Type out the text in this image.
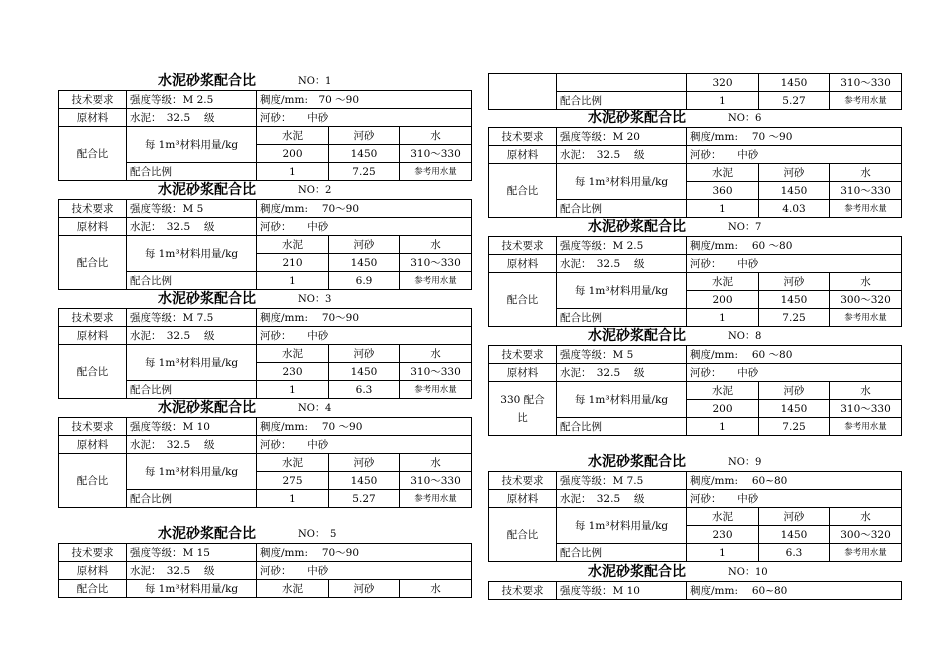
水泥砂浆配合比	NO：1
技术要求	强度等级：M 2.5	稠度/mm:　70 ～90		
原材料	水泥：　32.5　 级	河砂：　　中砂		
配合比	每 1m³材料用量/kg	水泥	河砂	水
		200	1450	310～330
	配合比例	1	7.25	参考用水量
水泥砂浆配合比	NO：2
技术要求	强度等级：M 5	稠度/mm:　 70～90		
原材料	水泥：　32.5　 级	河砂：　　中砂		
配合比	每 1m³材料用量/kg	水泥	河砂	水
		210	1450	310～330
	配合比例	1	6.9	参考用水量
水泥砂浆配合比	NO：3
技术要求	强度等级：M 7.5	稠度/mm:　 70～90		
原材料	水泥：　32.5　 级	河砂：　　中砂		
配合比	每 1m³材料用量/kg	水泥	河砂	水
		230	1450	310～330
	配合比例	1	6.3	参考用水量
水泥砂浆配合比	NO：4
技术要求	强度等级：M 10	稠度/mm:　 70 ～90		
原材料	水泥：　32.5　 级	河砂：　　中砂		
配合比	每 1m³材料用量/kg	水泥	河砂	水
		275	1450	310～330
	配合比例	1	5.27	参考用水量
水泥砂浆配合比	NO：　5
技术要求	强度等级：M 15	稠度/mm:　 70～90		
原材料	水泥：　32.5　 级	河砂：　　中砂		
配合比	每 1m³材料用量/kg	水泥	河砂	水
		320	1450	310～330
	配合比例	1	5.27	参考用水量
水泥砂浆配合比	NO：6
技术要求	强度等级：M 20	稠度/mm:　 70 ～90		
原材料	水泥：　32.5　 级	河砂：　　中砂		
配合比	每 1m³材料用量/kg	水泥	河砂	水
		360	1450	310～330
	配合比例	1	4.03	参考用水量
水泥砂浆配合比	NO：7
技术要求	强度等级：M 2.5	稠度/mm:　 60 ～80		
原材料	水泥：　32.5　 级	河砂：　　中砂		
配合比	每 1m³材料用量/kg	水泥	河砂	水
		200	1450	300～320
	配合比例	1	7.25	参考用水量
水泥砂浆配合比	NO：8
技术要求	强度等级：M 5	稠度/mm:　 60 ～80		
原材料	水泥：　32.5　 级	河砂：　　中砂		
330 配合比	每 1m³材料用量/kg	水泥	河砂	水
		200	1450	310～330
	配合比例	1	7.25	参考用水量
水泥砂浆配合比	NO：9
技术要求	强度等级：M 7.5	稠度/mm:　 60~80		
原材料	水泥：　32.5　 级	河砂：　　中砂		
配合比	每 1m³材料用量/kg	水泥	河砂	水
		230	1450	300～320
	配合比例	1	6.3	参考用水量
水泥砂浆配合比	NO：10
技术要求	强度等级：M 10	稠度/mm:　 60~80
